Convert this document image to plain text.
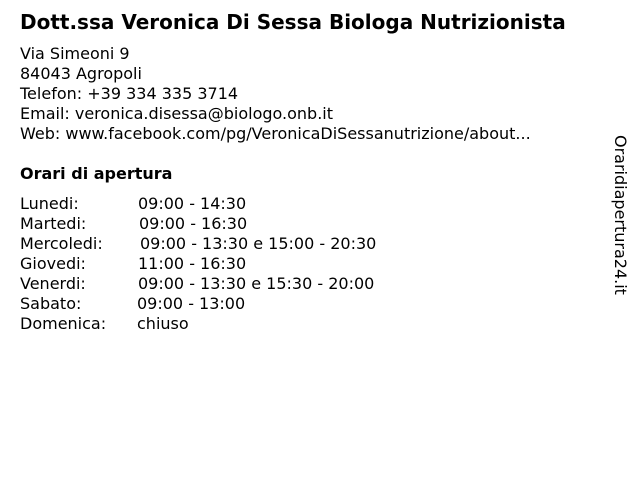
Dott.ssa Veronica Di Sessa Biologa Nutrizionista
Via Simeoni 9
84043 Agropoli
Telefon: +39 334 335 3714
Email: veronica.disessa@biologo.onb.it
Web: www.facebook.com/pg/VeronicaDiSessanutrizione/about...
Orari di apertura
Lunedi:	09:00 - 14:30
Martedi:	09:00 - 16:30
Mercoledi: 09:00 - 13:30 e 15:00 - 20:30
Giovedi:	11:00 - 16:30
Venerdi:	09:00 - 13:30 e 15:30 - 20:00
Sabato:	09:00 - 13:00
Domenica: chiuso
Oraridiapertura24.it
